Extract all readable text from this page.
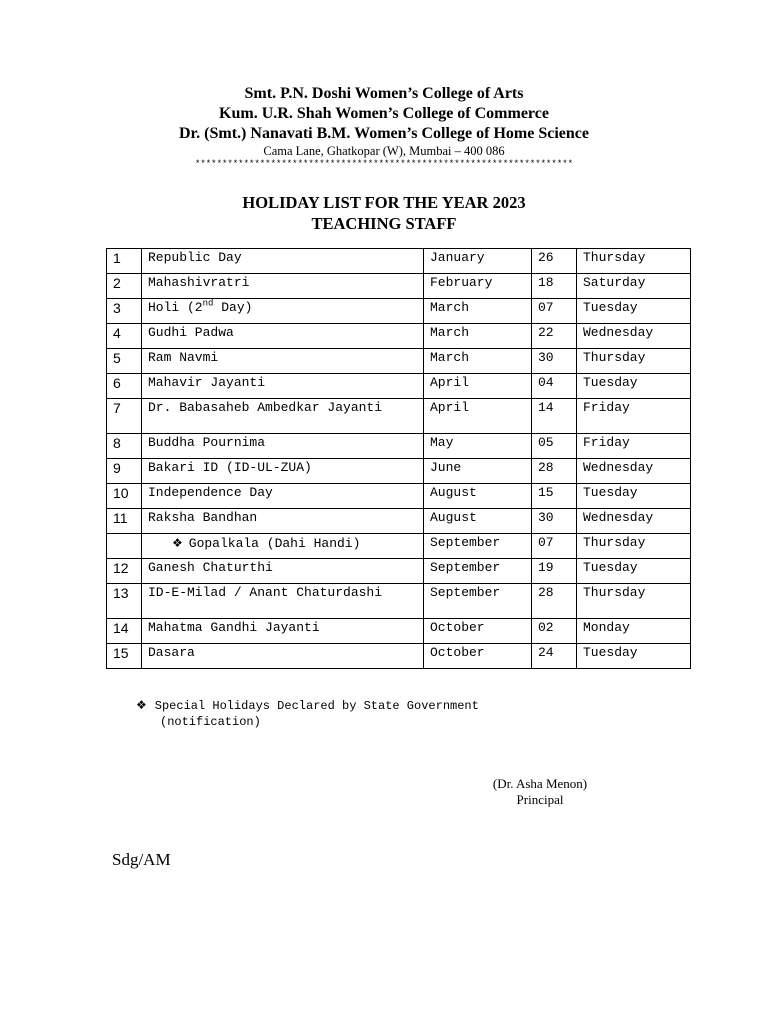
Smt. P.N. Doshi Women’s College of Arts
Kum. U.R. Shah Women’s College of Commerce
Dr. (Smt.) Nanavati B.M. Women’s College of Home Science
Cama Lane, Ghatkopar (W), Mumbai – 400 086
**********************************************************************
HOLIDAY LIST FOR THE YEAR 2023
TEACHING STAFF
1	Republic Day	January	26	Thursday
2	Mahashivratri	February	18	Saturday
3	Holi (2nd Day)	March	07	Tuesday
4	Gudhi Padwa	March	22	Wednesday
5	Ram Navmi	March	30	Thursday
6	Mahavir Jayanti	April	04	Tuesday
7	Dr. Babasaheb Ambedkar Jayanti	April	14	Friday
8	Buddha Pournima	May	05	Friday
9	Bakari ID (ID-UL-ZUA)	June	28	Wednesday
10	Independence Day	August	15	Tuesday
11	Raksha Bandhan	August	30	Wednesday
	❖ Gopalkala (Dahi Handi)	September	07	Thursday
12	Ganesh Chaturthi	September	19	Tuesday
13	ID-E-Milad / Anant Chaturdashi	September	28	Thursday
14	Mahatma Gandhi Jayanti	October	02	Monday
15	Dasara	October	24	Tuesday
❖ Special Holidays Declared by State Government
(notification)
(Dr. Asha Menon)
Principal
Sdg/AM
